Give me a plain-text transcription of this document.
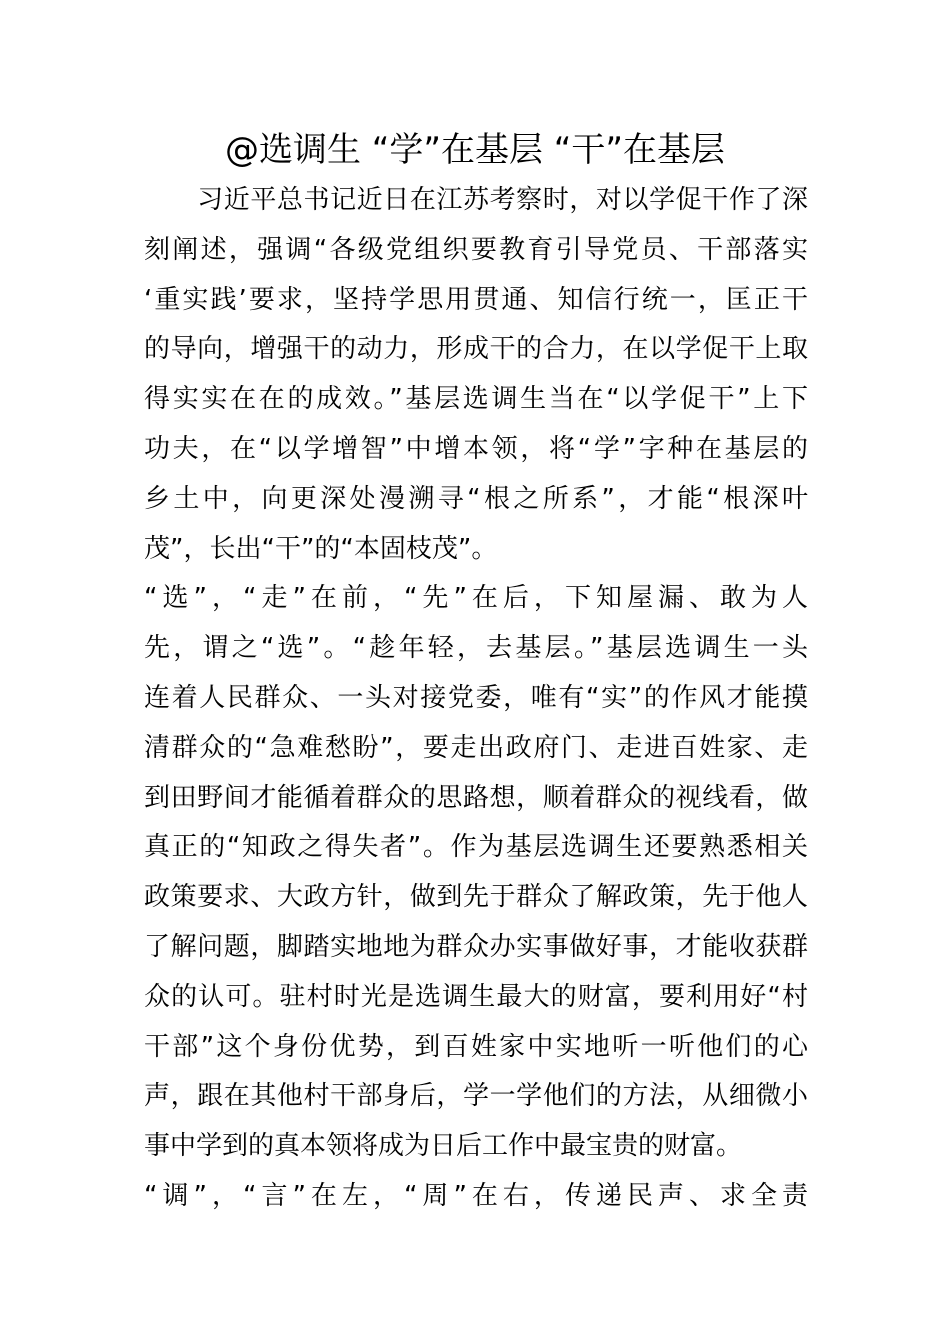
@选调生 “学”在基层 “干”在基层
　　习近平总书记近日在江苏考察时，对以学促干作了深
刻阐述，强调“各级党组织要教育引导党员、干部落实
‘重实践’要求，坚持学思用贯通、知信行统一，匡正干
的导向，增强干的动力，形成干的合力，在以学促干上取
得实实在在的成效。”基层选调生当在“以学促干”上下
功夫，在“以学增智”中增本领，将“学”字种在基层的
乡土中，向更深处漫溯寻“根之所系”，才能“根深叶
茂”，长出“干”的“本固枝茂”。
“选”，“走”在前，“先”在后，下知屋漏、敢为人
先，谓之“选”。“趁年轻，去基层。”基层选调生一头
连着人民群众、一头对接党委，唯有“实”的作风才能摸
清群众的“急难愁盼”，要走出政府门、走进百姓家、走
到田野间才能循着群众的思路想，顺着群众的视线看，做
真正的“知政之得失者”。作为基层选调生还要熟悉相关
政策要求、大政方针，做到先于群众了解政策，先于他人
了解问题，脚踏实地地为群众办实事做好事，才能收获群
众的认可。驻村时光是选调生最大的财富，要利用好“村
干部”这个身份优势，到百姓家中实地听一听他们的心
声，跟在其他村干部身后，学一学他们的方法，从细微小
事中学到的真本领将成为日后工作中最宝贵的财富。
“调”，“言”在左，“周”在右，传递民声、求全责
